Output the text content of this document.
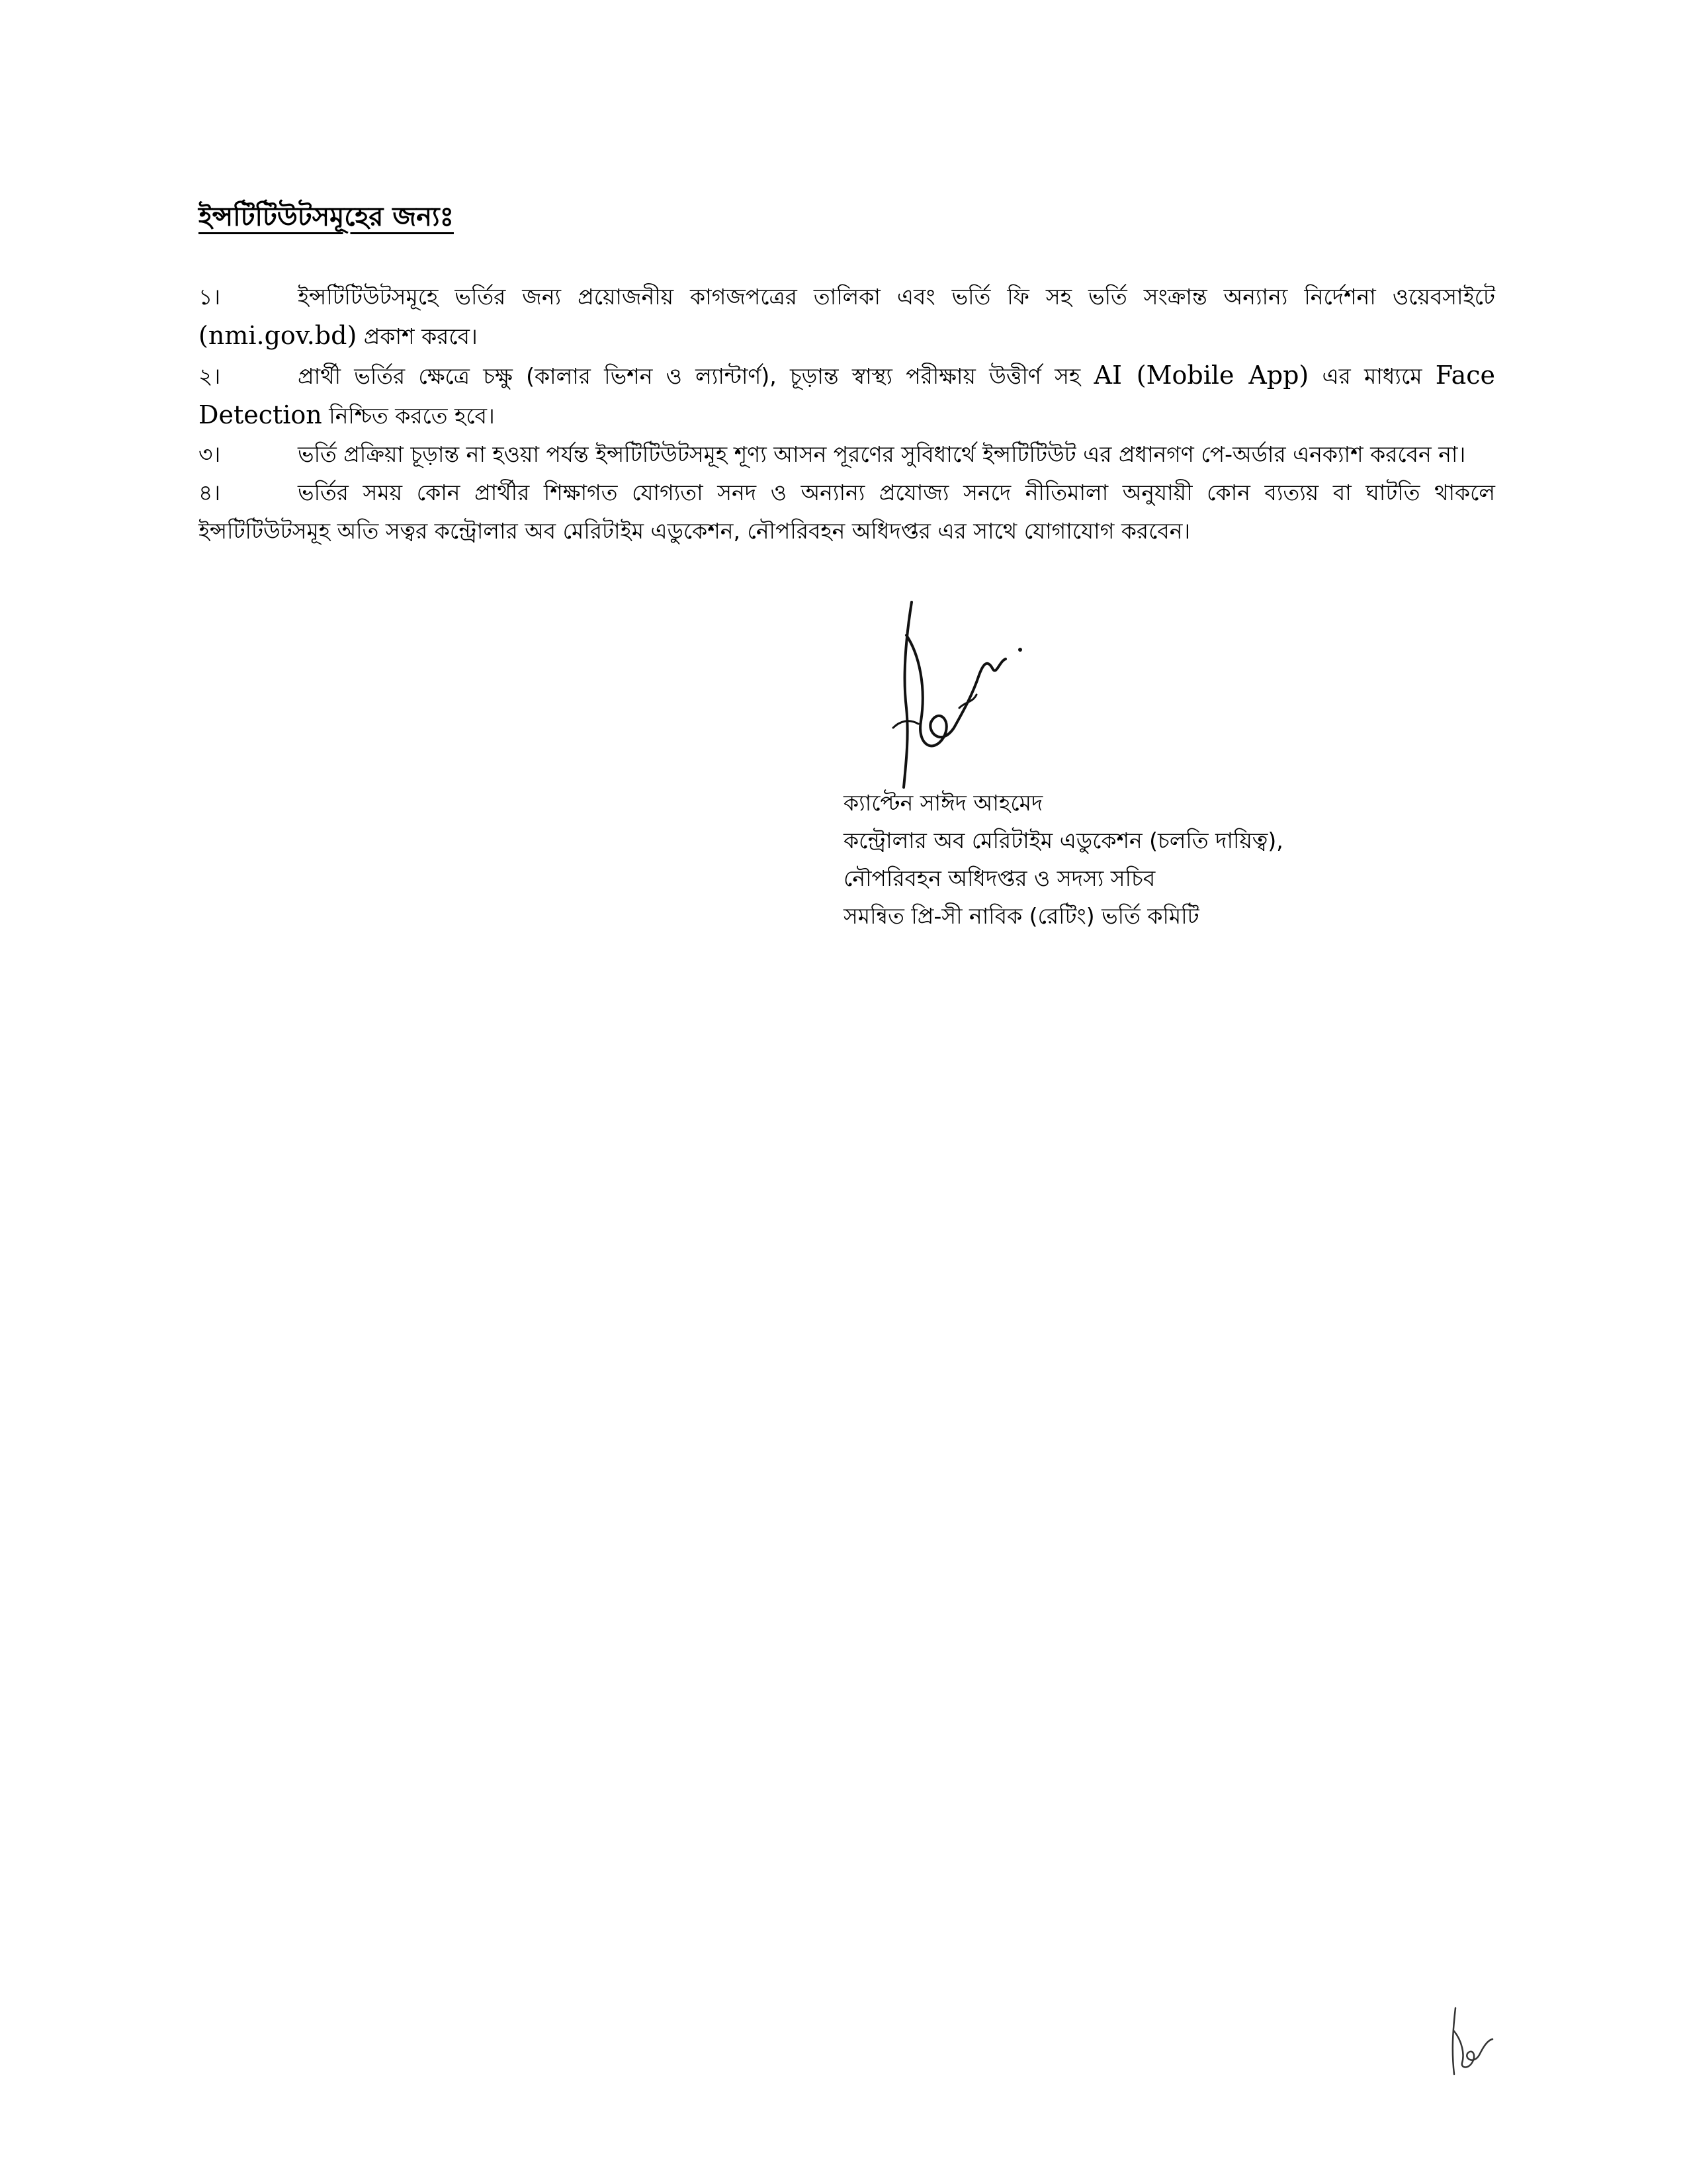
ইন্সটিটিউটসমূহের জন্যঃ

১।	ইন্সটিটিউটসমূহে ভর্তির জন্য প্রয়োজনীয় কাগজপত্রের তালিকা এবং ভর্তি ফি সহ ভর্তি সংক্রান্ত অন্যান্য নির্দেশনা ওয়েবসাইটে (nmi.gov.bd) প্রকাশ করবে।

২।	প্রার্থী ভর্তির ক্ষেত্রে চক্ষু (কালার ভিশন ও ল্যান্টার্ণ), চূড়ান্ত স্বাস্থ্য পরীক্ষায় উত্তীর্ণ সহ AI (Mobile App) এর মাধ্যমে Face Detection নিশ্চিত করতে হবে।

৩।	ভর্তি প্রক্রিয়া চূড়ান্ত না হওয়া পর্যন্ত ইন্সটিটিউটসমূহ শূণ্য আসন পূরণের সুবিধার্থে ইন্সটিটিউট এর প্রধানগণ পে-অর্ডার এনক্যাশ করবেন না।

৪।	ভর্তির সময় কোন প্রার্থীর শিক্ষাগত যোগ্যতা সনদ ও অন্যান্য প্রযোজ্য সনদে নীতিমালা অনুযায়ী কোন ব্যত্যয় বা ঘাটতি থাকলে ইন্সটিটিউটসমূহ অতি সত্বর কন্ট্রোলার অব মেরিটাইম এডুকেশন, নৌপরিবহন অধিদপ্তর এর সাথে যোগাযোগ করবেন।

ক্যাপ্টেন সাঈদ আহমেদ
কন্ট্রোলার অব মেরিটাইম এডুকেশন (চলতি দায়িত্ব),
নৌপরিবহন অধিদপ্তর ও সদস্য সচিব
সমন্বিত প্রি-সী নাবিক (রেটিং) ভর্তি কমিটি
